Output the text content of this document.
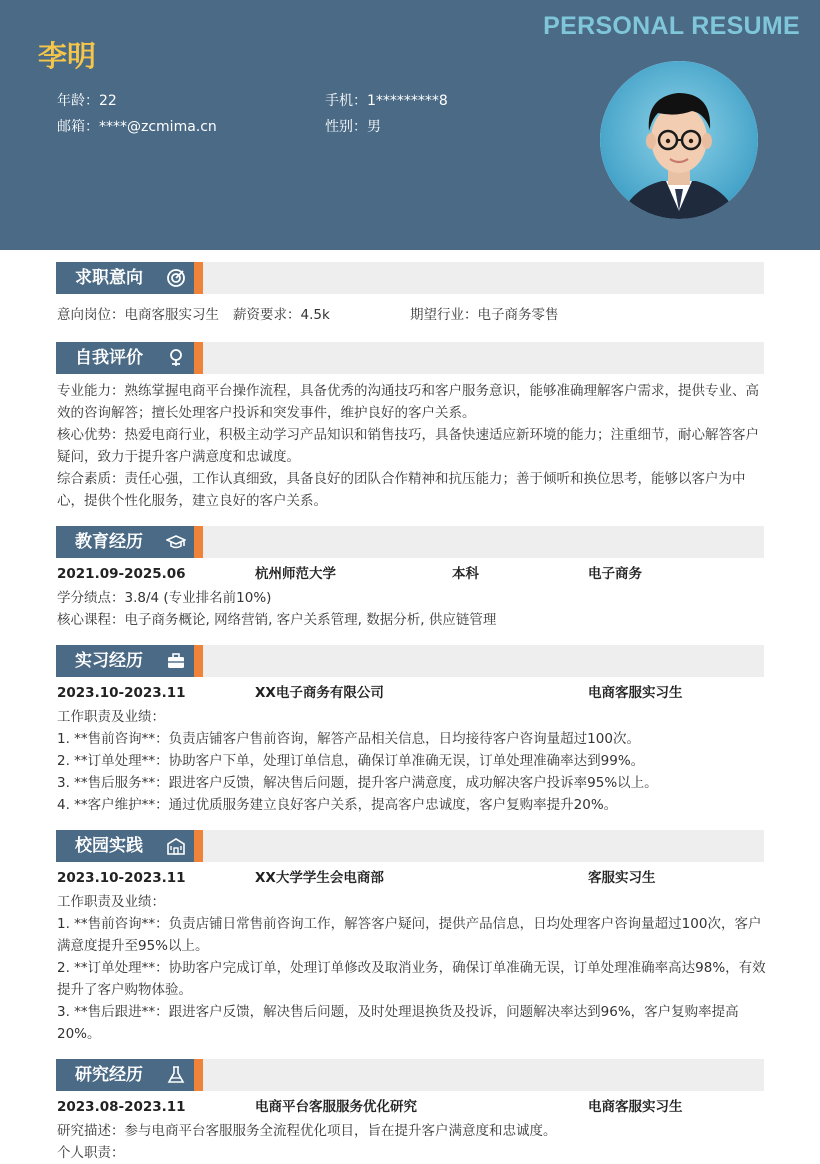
PERSONAL RESUME
李明
年龄：22	手机：1*********8
邮箱：****@zcmima.cn	性别：男
求职意向
意向岗位：电商客服实习生 薪资要求：4.5k	期望行业：电子商务零售
自我评价
专业能力：熟练掌握电商平台操作流程，具备优秀的沟通技巧和客户服务意识，能够准确理解客户需求，提供专业、高效的咨询解答；擅长处理客户投诉和突发事件，维护良好的客户关系。
核心优势：热爱电商行业，积极主动学习产品知识和销售技巧，具备快速适应新环境的能力；注重细节，耐心解答客户疑问，致力于提升客户满意度和忠诚度。
综合素质：责任心强，工作认真细致，具备良好的团队合作精神和抗压能力；善于倾听和换位思考，能够以客户为中心，提供个性化服务，建立良好的客户关系。
教育经历
2021.09-2025.06	杭州师范大学	本科	电子商务
学分绩点：3.8/4 (专业排名前10%)
核心课程：电子商务概论, 网络营销, 客户关系管理, 数据分析, 供应链管理
实习经历
2023.10-2023.11	XX电子商务有限公司	电商客服实习生
工作职责及业绩：
1. **售前咨询**：负责店铺客户售前咨询，解答产品相关信息，日均接待客户咨询量超过100次。
2. **订单处理**：协助客户下单，处理订单信息，确保订单准确无误，订单处理准确率达到99%。
3. **售后服务**：跟进客户反馈，解决售后问题，提升客户满意度，成功解决客户投诉率95%以上。
4. **客户维护**：通过优质服务建立良好客户关系，提高客户忠诚度，客户复购率提升20%。
校园实践
2023.10-2023.11	XX大学学生会电商部	客服实习生
工作职责及业绩：
1. **售前咨询**：负责店铺日常售前咨询工作，解答客户疑问，提供产品信息，日均处理客户咨询量超过100次，客户满意度提升至95%以上。
2. **订单处理**：协助客户完成订单，处理订单修改及取消业务，确保订单准确无误，订单处理准确率高达98%，有效提升了客户购物体验。
3. **售后跟进**：跟进客户反馈，解决售后问题，及时处理退换货及投诉，问题解决率达到96%，客户复购率提高20%。
研究经历
2023.08-2023.11	电商平台客服服务优化研究	电商客服实习生
研究描述：参与电商平台客服服务全流程优化项目，旨在提升客户满意度和忠诚度。
个人职责：
